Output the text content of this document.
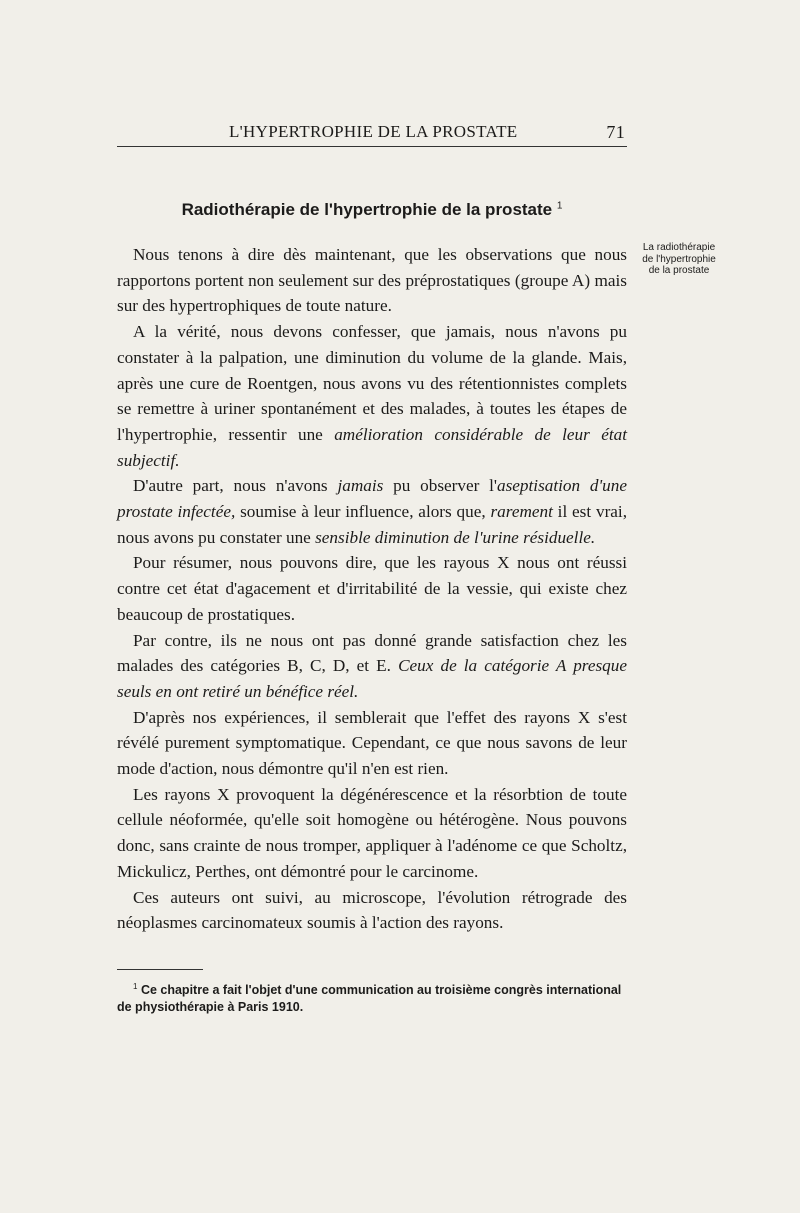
L'HYPERTROPHIE DE LA PROSTATE	71
Radiothérapie de l'hypertrophie de la prostate $^1$
La radiothérapie
de l'hypertrophie
de la prostate

Nous tenons à dire dès maintenant, que les observations que nous rapportons portent non seulement sur des préprostatiques (groupe A) mais sur des hypertrophiques de toute nature.

A la vérité, nous devons confesser, que jamais, nous n'avons pu constater à la palpation, une diminution du volume de la glande. Mais, après une cure de Roentgen, nous avons vu des rétentionnistes complets se remettre à uriner spontanément et des malades, à toutes les étapes de l'hypertrophie, ressentir une amélioration considérable de leur état subjectif.

D'autre part, nous n'avons jamais pu observer l'aseptisation d'une prostate infectée, soumise à leur influence, alors que, rarement il est vrai, nous avons pu constater une sensible diminution de l'urine résiduelle.

Pour résumer, nous pouvons dire, que les rayous X nous ont réussi contre cet état d'agacement et d'irritabilité de la vessie, qui existe chez beaucoup de prostatiques.

Par contre, ils ne nous ont pas donné grande satisfaction chez les malades des catégories B, C, D, et E. Ceux de la catégorie A presque seuls en ont retiré un bénéfice réel.

D'après nos expériences, il semblerait que l'effet des rayons X s'est révélé purement symptomatique. Cependant, ce que nous savons de leur mode d'action, nous démontre qu'il n'en est rien.

Les rayons X provoquent la dégénérescence et la résorbtion de toute cellule néoformée, qu'elle soit homogène ou hétérogène. Nous pouvons donc, sans crainte de nous tromper, appliquer à l'adénome ce que Scholtz, Mickulicz, Perthes, ont démontré pour le carcinome.

Ces auteurs ont suivi, au microscope, l'évolution rétrograde des néoplasmes carcinomateux soumis à l'action des rayons.

$^1$ Ce chapitre a fait l'objet d'une communication au troisième congrès international de physiothérapie à Paris 1910.
